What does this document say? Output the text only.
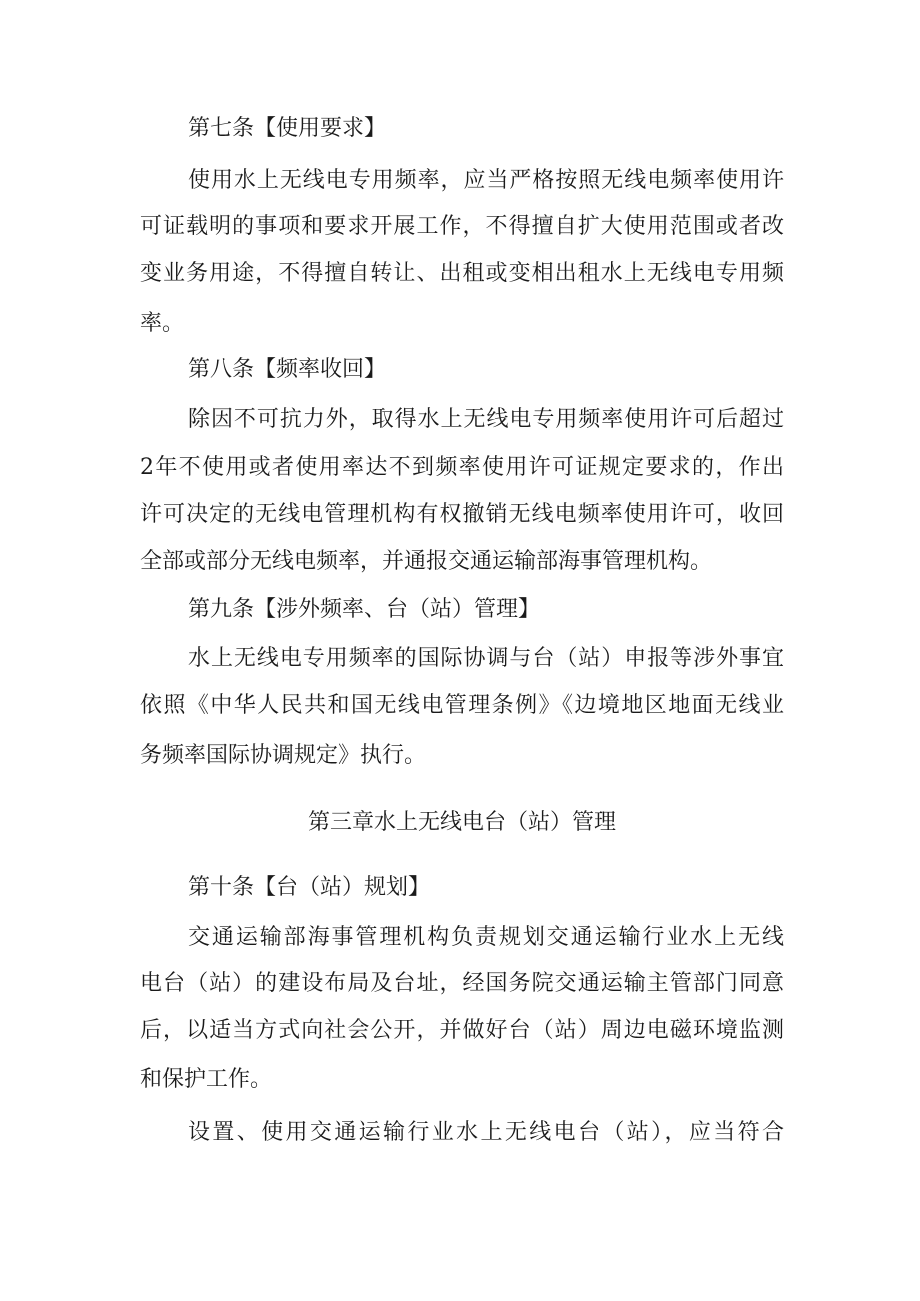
第七条【使用要求】
使用水上无线电专用频率，应当严格按照无线电频率使用许
可证载明的事项和要求开展工作，不得擅自扩大使用范围或者改
变业务用途，不得擅自转让、出租或变相出租水上无线电专用频
率。
第八条【频率收回】
除因不可抗力外，取得水上无线电专用频率使用许可后超过
2年不使用或者使用率达不到频率使用许可证规定要求的，作出
许可决定的无线电管理机构有权撤销无线电频率使用许可，收回
全部或部分无线电频率，并通报交通运输部海事管理机构。
第九条【涉外频率、台（站）管理】
水上无线电专用频率的国际协调与台（站）申报等涉外事宜
依照《中华人民共和国无线电管理条例》《边境地区地面无线业
务频率国际协调规定》执行。
第三章水上无线电台（站）管理
第十条【台（站）规划】
交通运输部海事管理机构负责规划交通运输行业水上无线
电台（站）的建设布局及台址，经国务院交通运输主管部门同意
后，以适当方式向社会公开，并做好台（站）周边电磁环境监测
和保护工作。
设置、使用交通运输行业水上无线电台（站），应当符合
